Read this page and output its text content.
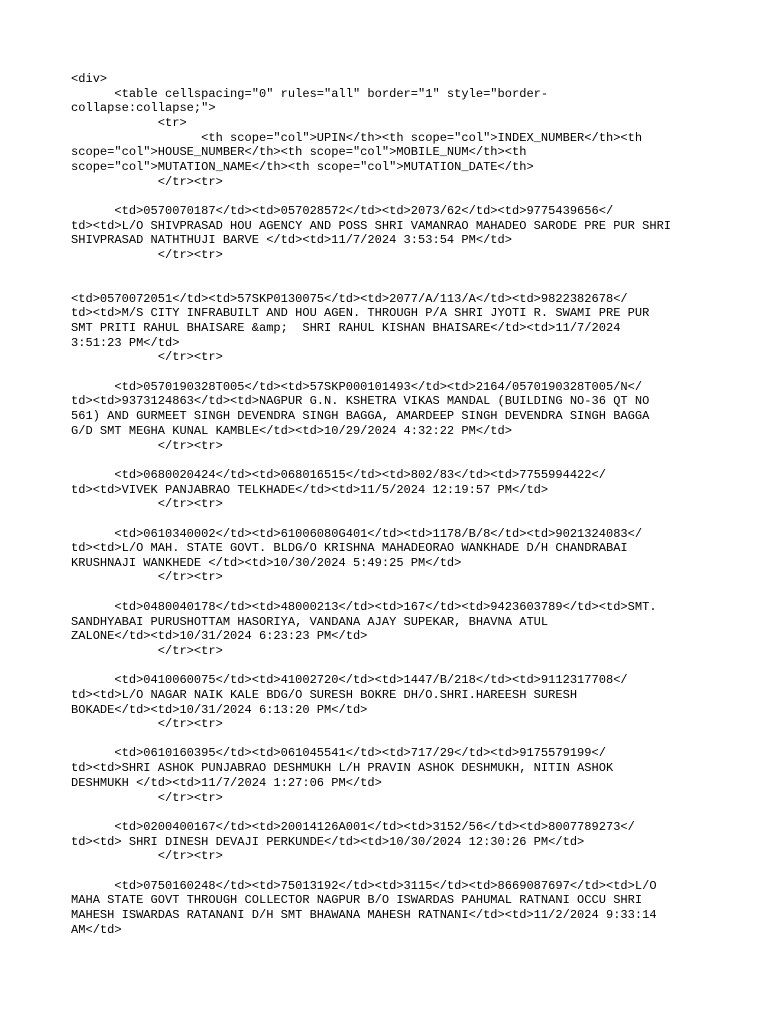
<div>
<table cellspacing="0" rules="all" border="1" style="border-
collapse:collapse;">
<tr>
<th scope="col">UPIN</th><th scope="col">INDEX_NUMBER</th><th
scope="col">HOUSE_NUMBER</th><th scope="col">MOBILE_NUM</th><th
scope="col">MUTATION_NAME</th><th scope="col">MUTATION_DATE</th>
</tr><tr>
<td>0570070187</td><td>057028572</td><td>2073/62</td><td>9775439656</
td><td>L/O SHIVPRASAD HOU AGENCY AND POSS SHRI VAMANRAO MAHADEO SARODE PRE PUR SHRI
SHIVPRASAD NATHTHUJI BARVE </td><td>11/7/2024 3:53:54 PM</td>
</tr><tr>
<td>0570072051</td><td>57SKP0130075</td><td>2077/A/113/A</td><td>9822382678</
td><td>M/S CITY INFRABUILT AND HOU AGEN. THROUGH P/A SHRI JYOTI R. SWAMI PRE PUR
SMT PRITI RAHUL BHAISARE &amp;  SHRI RAHUL KISHAN BHAISARE</td><td>11/7/2024
3:51:23 PM</td>
</tr><tr>
<td>0570190328T005</td><td>57SKP000101493</td><td>2164/0570190328T005/N</
td><td>9373124863</td><td>NAGPUR G.N. KSHETRA VIKAS MANDAL (BUILDING NO-36 QT NO
561) AND GURMEET SINGH DEVENDRA SINGH BAGGA, AMARDEEP SINGH DEVENDRA SINGH BAGGA
G/D SMT MEGHA KUNAL KAMBLE</td><td>10/29/2024 4:32:22 PM</td>
</tr><tr>
<td>0680020424</td><td>068016515</td><td>802/83</td><td>7755994422</
td><td>VIVEK PANJABRAO TELKHADE</td><td>11/5/2024 12:19:57 PM</td>
</tr><tr>
<td>0610340002</td><td>61006080G401</td><td>1178/B/8</td><td>9021324083</
td><td>L/O MAH. STATE GOVT. BLDG/O KRISHNA MAHADEORAO WANKHADE D/H CHANDRABAI
KRUSHNAJI WANKHEDE </td><td>10/30/2024 5:49:25 PM</td>
</tr><tr>
<td>0480040178</td><td>48000213</td><td>167</td><td>9423603789</td><td>SMT.
SANDHYABAI PURUSHOTTAM HASORIYA, VANDANA AJAY SUPEKAR, BHAVNA ATUL
ZALONE</td><td>10/31/2024 6:23:23 PM</td>
</tr><tr>
<td>0410060075</td><td>41002720</td><td>1447/B/218</td><td>9112317708</
td><td>L/O NAGAR NAIK KALE BDG/O SURESH BOKRE DH/O.SHRI.HAREESH SURESH
BOKADE</td><td>10/31/2024 6:13:20 PM</td>
</tr><tr>
<td>0610160395</td><td>061045541</td><td>717/29</td><td>9175579199</
td><td>SHRI ASHOK PUNJABRAO DESHMUKH L/H PRAVIN ASHOK DESHMUKH, NITIN ASHOK
DESHMUKH </td><td>11/7/2024 1:27:06 PM</td>
</tr><tr>
<td>0200400167</td><td>20014126A001</td><td>3152/56</td><td>8007789273</
td><td> SHRI DINESH DEVAJI PERKUNDE</td><td>10/30/2024 12:30:26 PM</td>
</tr><tr>
<td>0750160248</td><td>75013192</td><td>3115</td><td>8669087697</td><td>L/O
MAHA STATE GOVT THROUGH COLLECTOR NAGPUR B/O ISWARDAS PAHUMAL RATNANI OCCU SHRI
MAHESH ISWARDAS RATANANI D/H SMT BHAWANA MAHESH RATNANI</td><td>11/2/2024 9:33:14
AM</td>
